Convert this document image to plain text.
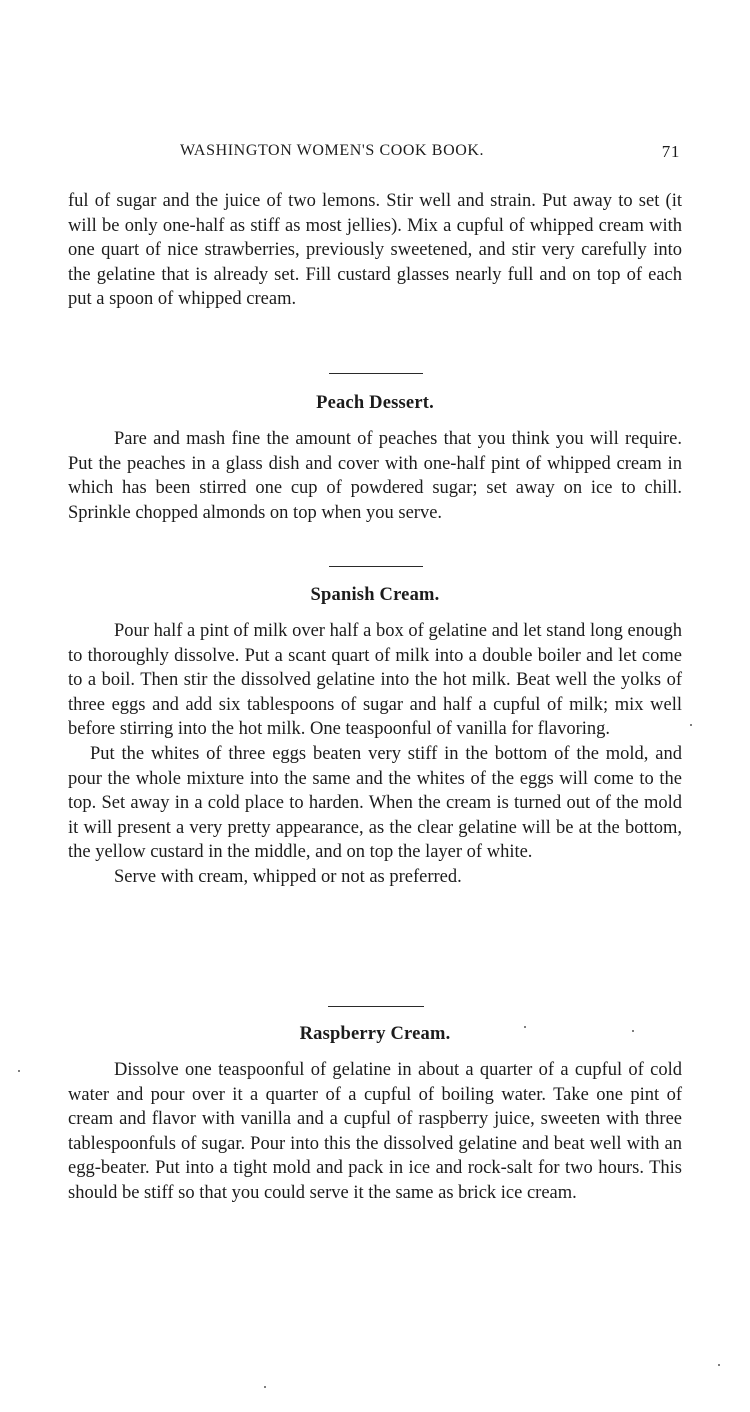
WASHINGTON WOMEN'S COOK BOOK.	71

ful of sugar and the juice of two lemons. Stir well and strain. Put away to set (it will be only one-half as stiff as most jellies). Mix a cupful of whipped cream with one quart of nice strawberries, previously sweetened, and stir very carefully into the gelatine that is already set. Fill custard glasses nearly full and on top of each put a spoon of whipped cream.

Peach Dessert.

Pare and mash fine the amount of peaches that you think you will require. Put the peaches in a glass dish and cover with one-half pint of whipped cream in which has been stirred one cup of powdered sugar; set away on ice to chill. Sprinkle chopped almonds on top when you serve.

Spanish Cream.

Pour half a pint of milk over half a box of gelatine and let stand long enough to thoroughly dissolve. Put a scant quart of milk into a double boiler and let come to a boil. Then stir the dissolved gelatine into the hot milk. Beat well the yolks of three eggs and add six tablespoons of sugar and half a cupful of milk; mix well before stirring into the hot milk. One teaspoonful of vanilla for flavoring.

Put the whites of three eggs beaten very stiff in the bottom of the mold, and pour the whole mixture into the same and the whites of the eggs will come to the top. Set away in a cold place to harden. When the cream is turned out of the mold it will present a very pretty appearance, as the clear gelatine will be at the bottom, the yellow custard in the middle, and on top the layer of white.

Serve with cream, whipped or not as preferred.

Raspberry Cream.

Dissolve one teaspoonful of gelatine in about a quarter of a cupful of cold water and pour over it a quarter of a cupful of boiling water. Take one pint of cream and flavor with vanilla and a cupful of raspberry juice, sweeten with three tablespoonfuls of sugar. Pour into this the dissolved gelatine and beat well with an egg-beater. Put into a tight mold and pack in ice and rock-salt for two hours. This should be stiff so that you could serve it the same as brick ice cream.
